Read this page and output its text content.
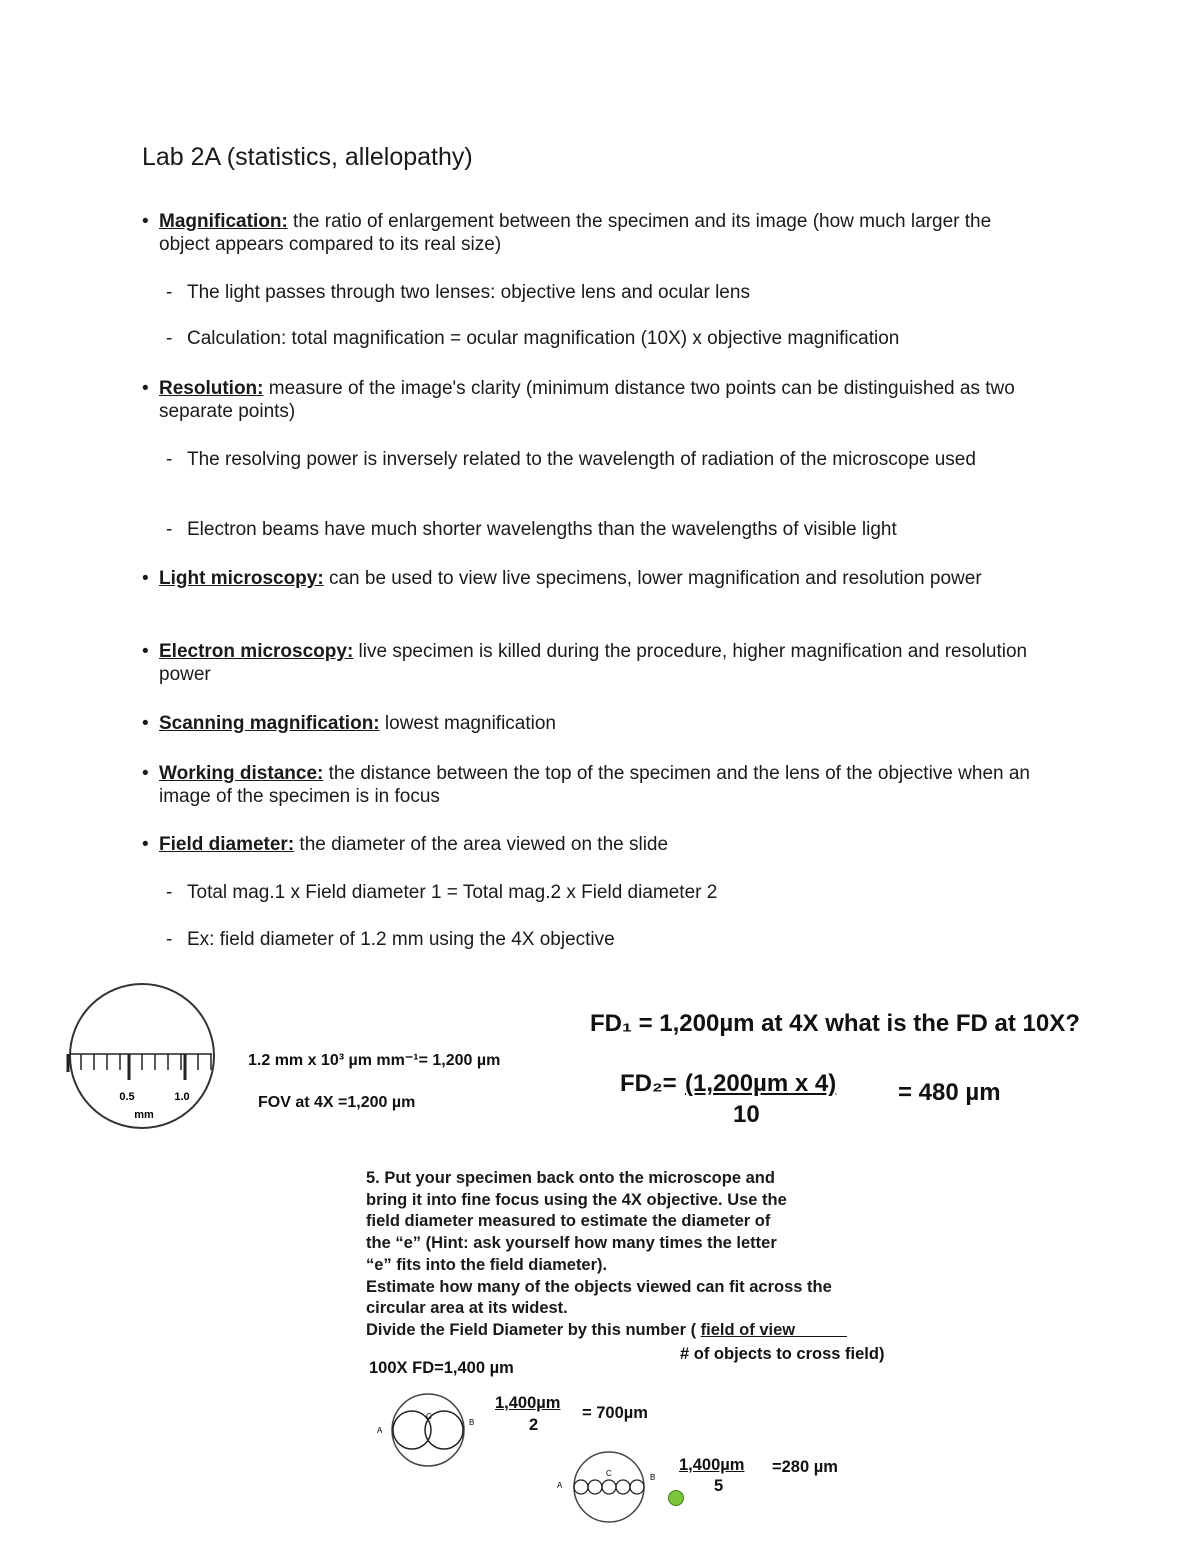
Lab 2A (statistics, allelopathy)
• Magnification: the ratio of enlargement between the specimen and its image (how much larger the object appears compared to its real size)
- The light passes through two lenses: objective lens and ocular lens
- Calculation: total magnification = ocular magnification (10X) x objective magnification
• Resolution: measure of the image's clarity (minimum distance two points can be distinguished as two separate points)
- The resolving power is inversely related to the wavelength of radiation of the microscope used
- Electron beams have much shorter wavelengths than the wavelengths of visible light
• Light microscopy: can be used to view live specimens, lower magnification and resolution power
• Electron microscopy: live specimen is killed during the procedure, higher magnification and resolution power
• Scanning magnification: lowest magnification
• Working distance: the distance between the top of the specimen and the lens of the objective when an image of the specimen is in focus
• Field diameter: the diameter of the area viewed on the slide
- Total mag.1 x Field diameter 1 = Total mag.2 x Field diameter 2
- Ex: field diameter of 1.2 mm using the 4X objective
0.5	1.0
mm
1.2 mm x 10³ µm mm⁻¹= 1,200 µm
FOV at 4X =1,200 µm
FD₁ = 1,200µm at 4X what is the FD at 10X?
FD₂= (1,200µm x 4)
10
= 480 µm

5. Put your specimen back onto the microscope and

bring it into fine focus using the 4X objective. Use the

field diameter measured to estimate the diameter of

the “e” (Hint: ask yourself how many times the letter

“e” fits into the field diameter).

Estimate how many of the objects viewed can fit across the

circular area at its widest.

Divide the Field Diameter by this number ( field of view

# of objects to cross field)
100X FD=1,400 µm
A
B
C
1,400µm
2
= 700µm
A
B
C	1,400µm
5
=280 µm
